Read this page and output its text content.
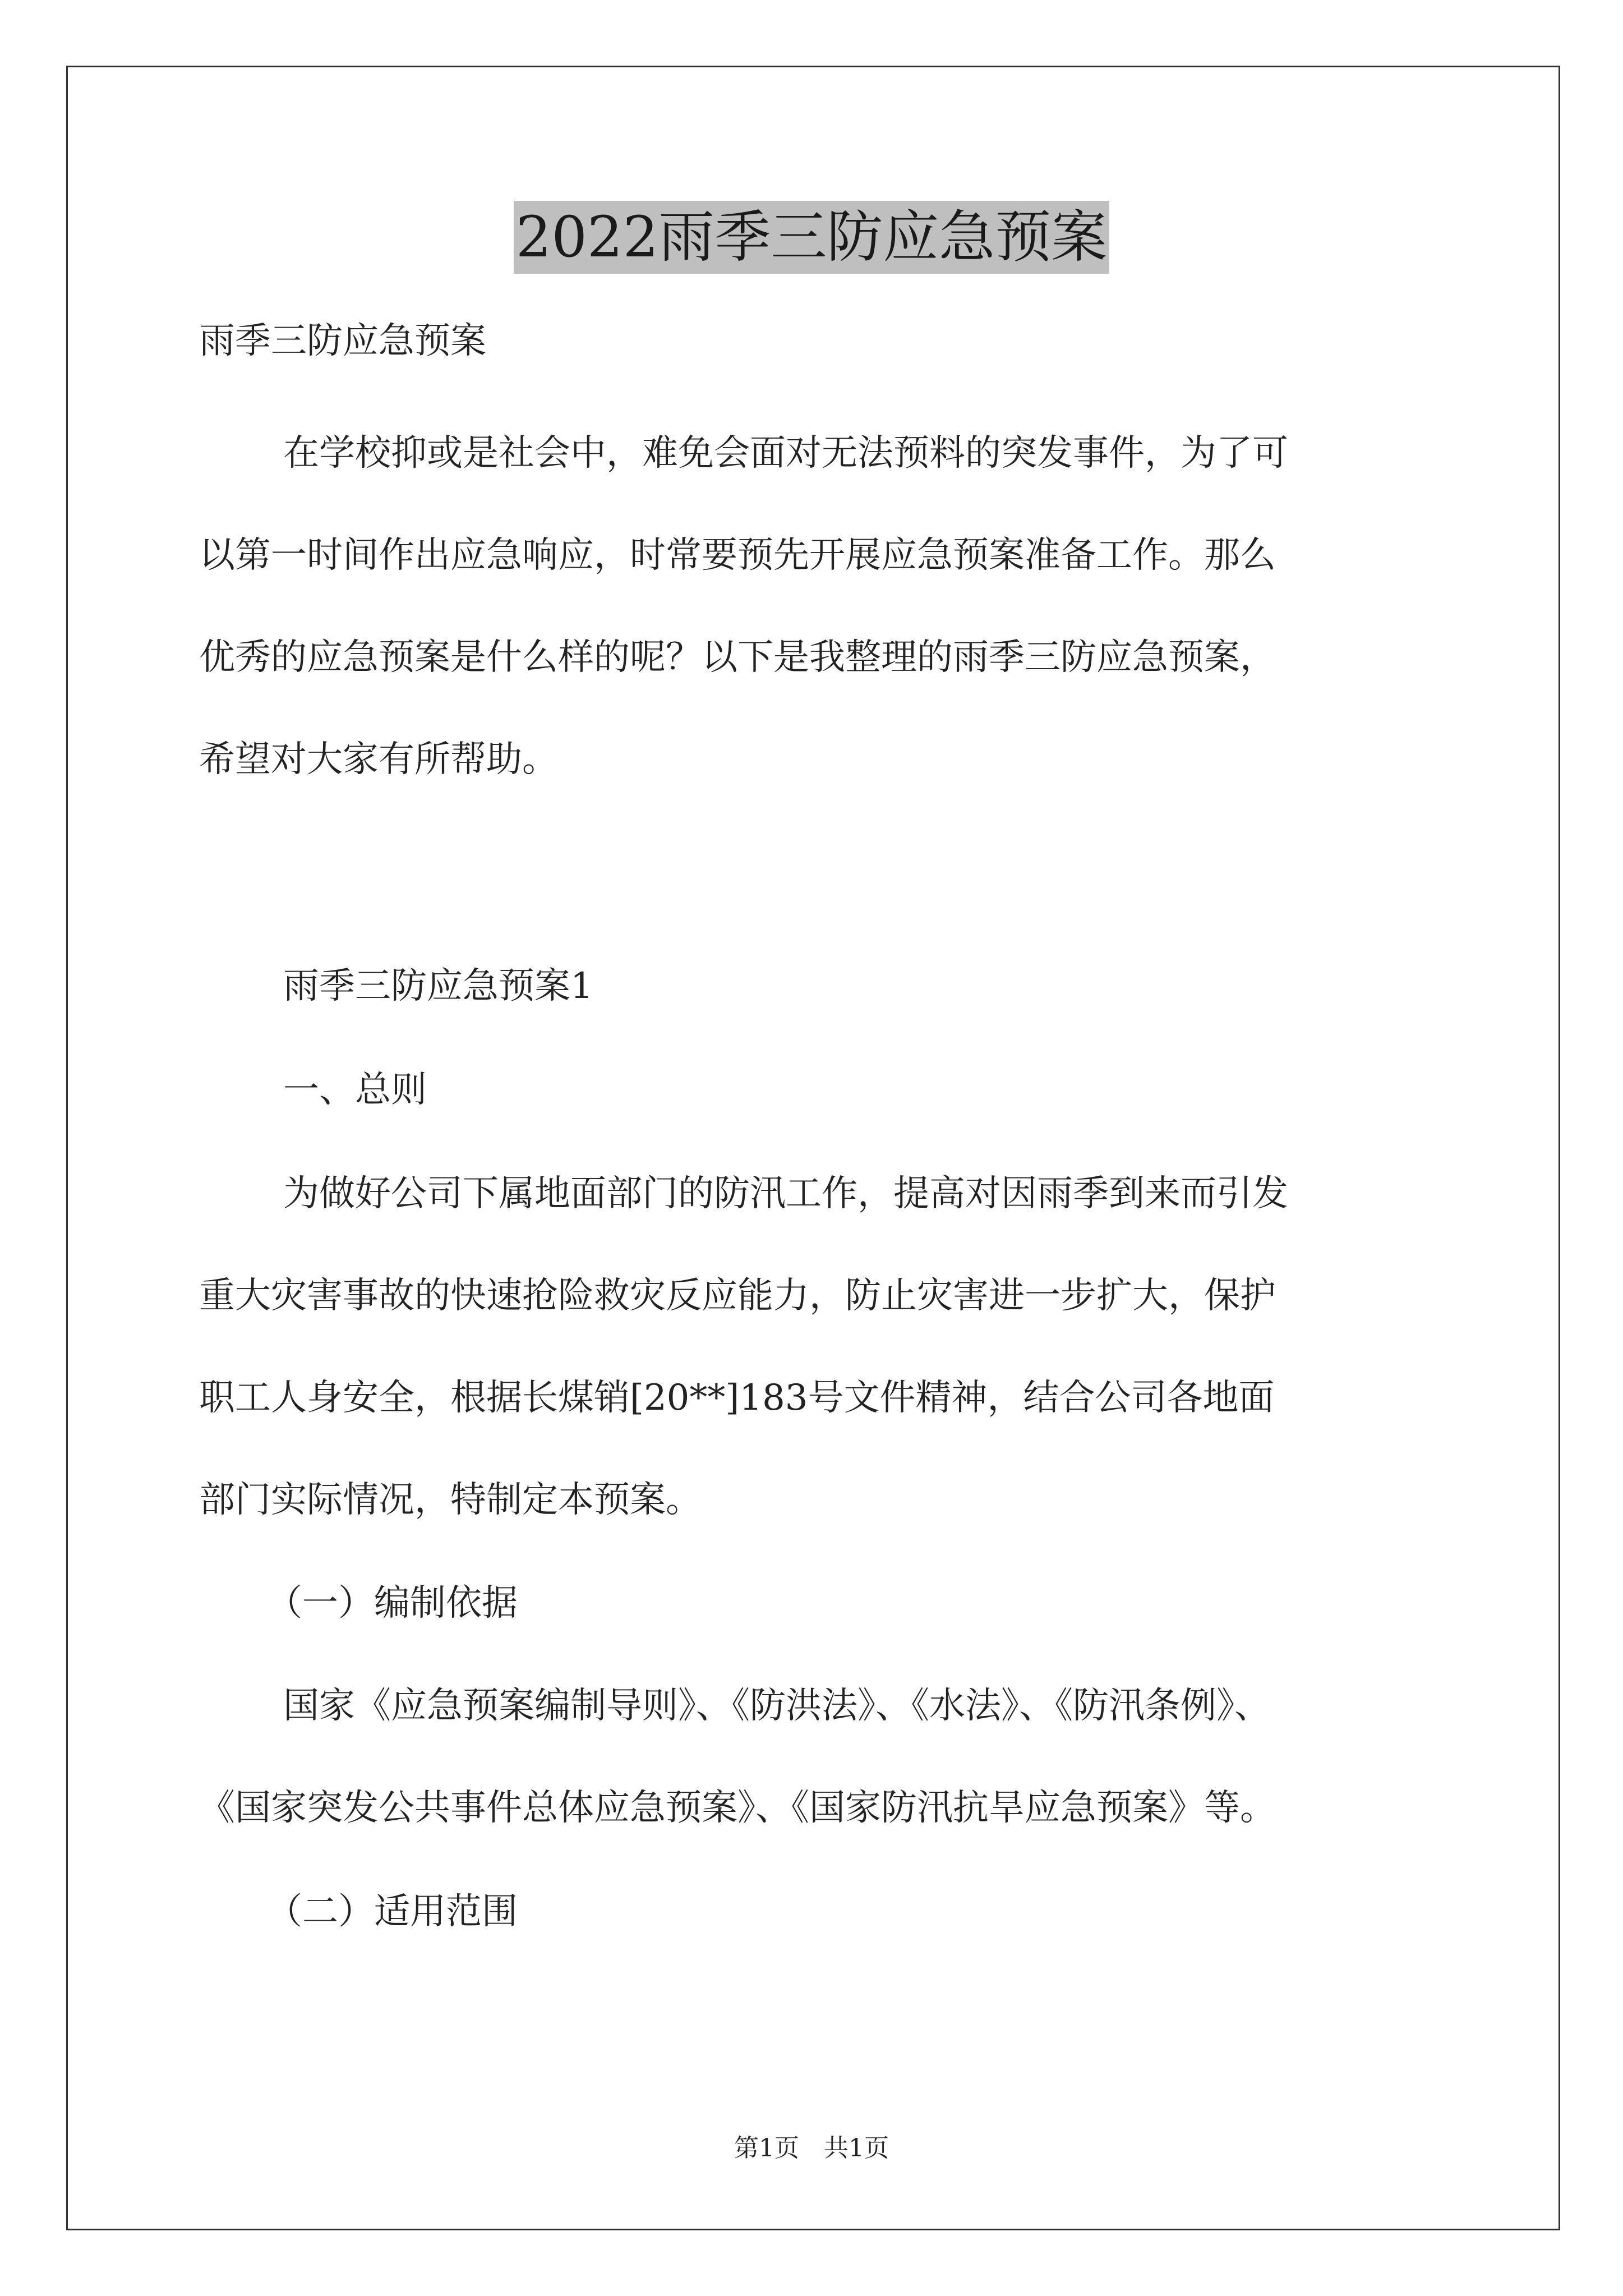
2022雨季三防应急预案
雨季三防应急预案
在学校抑或是社会中，难免会面对无法预料的突发事件，为了可
以第一时间作出应急响应，时常要预先开展应急预案准备工作。那么
优秀的应急预案是什么样的呢？以下是我整理的雨季三防应急预案，
希望对大家有所帮助。
雨季三防应急预案1
一、总则
为做好公司下属地面部门的防汛工作，提高对因雨季到来而引发
重大灾害事故的快速抢险救灾反应能力，防止灾害进一步扩大，保护
职工人身安全，根据长煤销[20**]183号文件精神，结合公司各地面
部门实际情况，特制定本预案。
（一）编制依据
国家《应急预案编制导则》、《防洪法》、《水法》、《防汛条例》、
《国家突发公共事件总体应急预案》、《国家防汛抗旱应急预案》等。
（二）适用范围
第1页 共1页
